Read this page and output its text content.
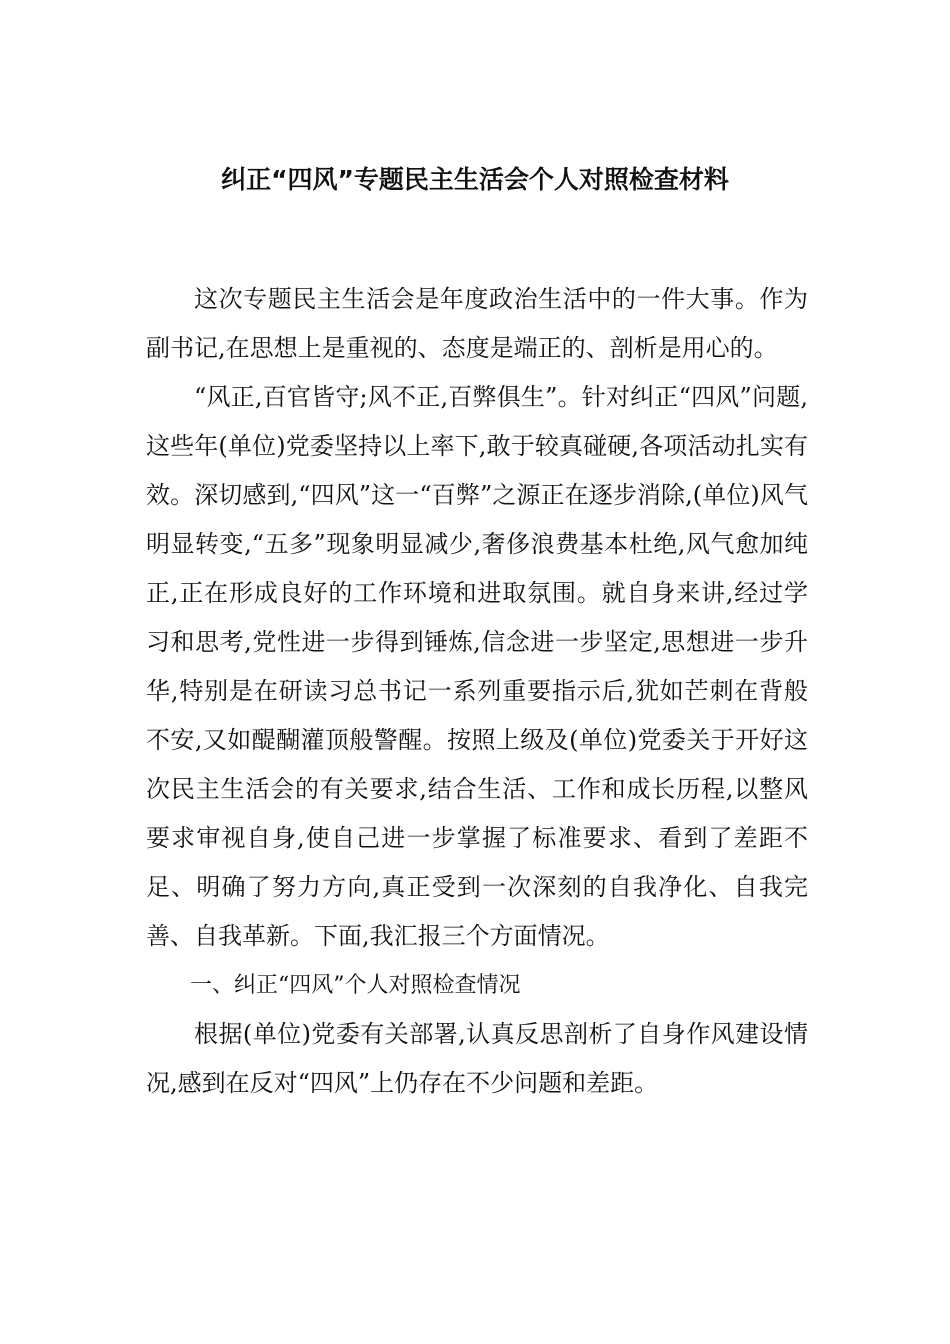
纠正“四风”专题民主生活会个人对照检查材料

这次专题民主生活会是年度政治生活中的一件大事。作为副书记,在思想上是重视的、态度是端正的、剖析是用心的。

“风正,百官皆守;风不正,百弊俱生”。针对纠正“四风”问题,这些年(单位)党委坚持以上率下,敢于较真碰硬,各项活动扎实有效。深切感到,“四风”这一“百弊”之源正在逐步消除,(单位)风气明显转变,“五多”现象明显减少,奢侈浪费基本杜绝,风气愈加纯正,正在形成良好的工作环境和进取氛围。就自身来讲,经过学习和思考,党性进一步得到锤炼,信念进一步坚定,思想进一步升华,特别是在研读习总书记一系列重要指示后,犹如芒刺在背般不安,又如醍醐灌顶般警醒。按照上级及(单位)党委关于开好这次民主生活会的有关要求,结合生活、工作和成长历程,以整风要求审视自身,使自己进一步掌握了标准要求、看到了差距不足、明确了努力方向,真正受到一次深刻的自我净化、自我完善、自我革新。下面,我汇报三个方面情况。

一、纠正“四风”个人对照检查情况

根据(单位)党委有关部署,认真反思剖析了自身作风建设情况,感到在反对“四风”上仍存在不少问题和差距。
